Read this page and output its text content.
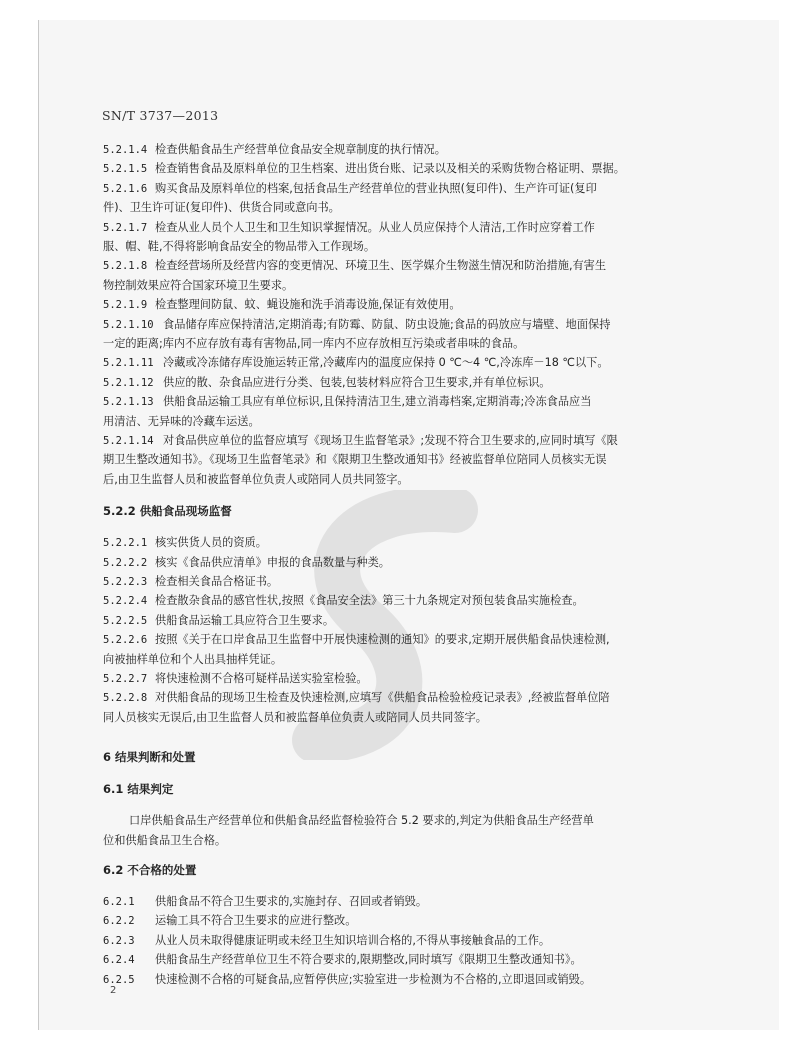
SN/T 3737—2013
5.2.1.4 检查供船食品生产经营单位食品安全规章制度的执行情况。
5.2.1.5 检查销售食品及原料单位的卫生档案、进出货台账、记录以及相关的采购货物合格证明、票据。
5.2.1.6 购买食品及原料单位的档案,包括食品生产经营单位的营业执照(复印件)、生产许可证(复印
件)、卫生许可证(复印件)、供货合同或意向书。
5.2.1.7 检查从业人员个人卫生和卫生知识掌握情况。从业人员应保持个人清洁,工作时应穿着工作
服、帽、鞋,不得将影响食品安全的物品带入工作现场。
5.2.1.8 检查经营场所及经营内容的变更情况、环境卫生、医学媒介生物滋生情况和防治措施,有害生
物控制效果应符合国家环境卫生要求。
5.2.1.9 检查整理间防鼠、蚊、蝇设施和洗手消毒设施,保证有效使用。
5.2.1.10 食品储存库应保持清洁,定期消毒;有防霉、防鼠、防虫设施;食品的码放应与墙壁、地面保持
一定的距离;库内不应存放有毒有害物品,同一库内不应存放相互污染或者串味的食品。
5.2.1.11 冷藏或冷冻储存库设施运转正常,冷藏库内的温度应保持 0 ℃～4 ℃,冷冻库－18 ℃以下。
5.2.1.12 供应的散、杂食品应进行分类、包装,包装材料应符合卫生要求,并有单位标识。
5.2.1.13 供船食品运输工具应有单位标识,且保持清洁卫生,建立消毒档案,定期消毒;冷冻食品应当
用清洁、无异味的冷藏车运送。
5.2.1.14 对食品供应单位的监督应填写《现场卫生监督笔录》;发现不符合卫生要求的,应同时填写《限
期卫生整改通知书》。《现场卫生监督笔录》和《限期卫生整改通知书》经被监督单位陪同人员核实无误
后,由卫生监督人员和被监督单位负责人或陪同人员共同签字。
5.2.2 供船食品现场监督
5.2.2.1 核实供货人员的资质。
5.2.2.2 核实《食品供应清单》申报的食品数量与种类。
5.2.2.3 检查相关食品合格证书。
5.2.2.4 检查散杂食品的感官性状,按照《食品安全法》第三十九条规定对预包装食品实施检查。
5.2.2.5 供船食品运输工具应符合卫生要求。
5.2.2.6 按照《关于在口岸食品卫生监督中开展快速检测的通知》的要求,定期开展供船食品快速检测,
向被抽样单位和个人出具抽样凭证。
5.2.2.7 将快速检测不合格可疑样品送实验室检验。
5.2.2.8 对供船食品的现场卫生检查及快速检测,应填写《供船食品检验检疫记录表》,经被监督单位陪
同人员核实无误后,由卫生监督人员和被监督单位负责人或陪同人员共同签字。
6 结果判断和处置
6.1 结果判定
口岸供船食品生产经营单位和供船食品经监督检验符合 5.2 要求的,判定为供船食品生产经营单
位和供船食品卫生合格。
6.2 不合格的处置
6.2.1 供船食品不符合卫生要求的,实施封存、召回或者销毁。
6.2.2 运输工具不符合卫生要求的应进行整改。
6.2.3 从业人员未取得健康证明或未经卫生知识培训合格的,不得从事接触食品的工作。
6.2.4 供船食品生产经营单位卫生不符合要求的,限期整改,同时填写《限期卫生整改通知书》。
6.2.5 快速检测不合格的可疑食品,应暂停供应;实验室进一步检测为不合格的,立即退回或销毁。
2
